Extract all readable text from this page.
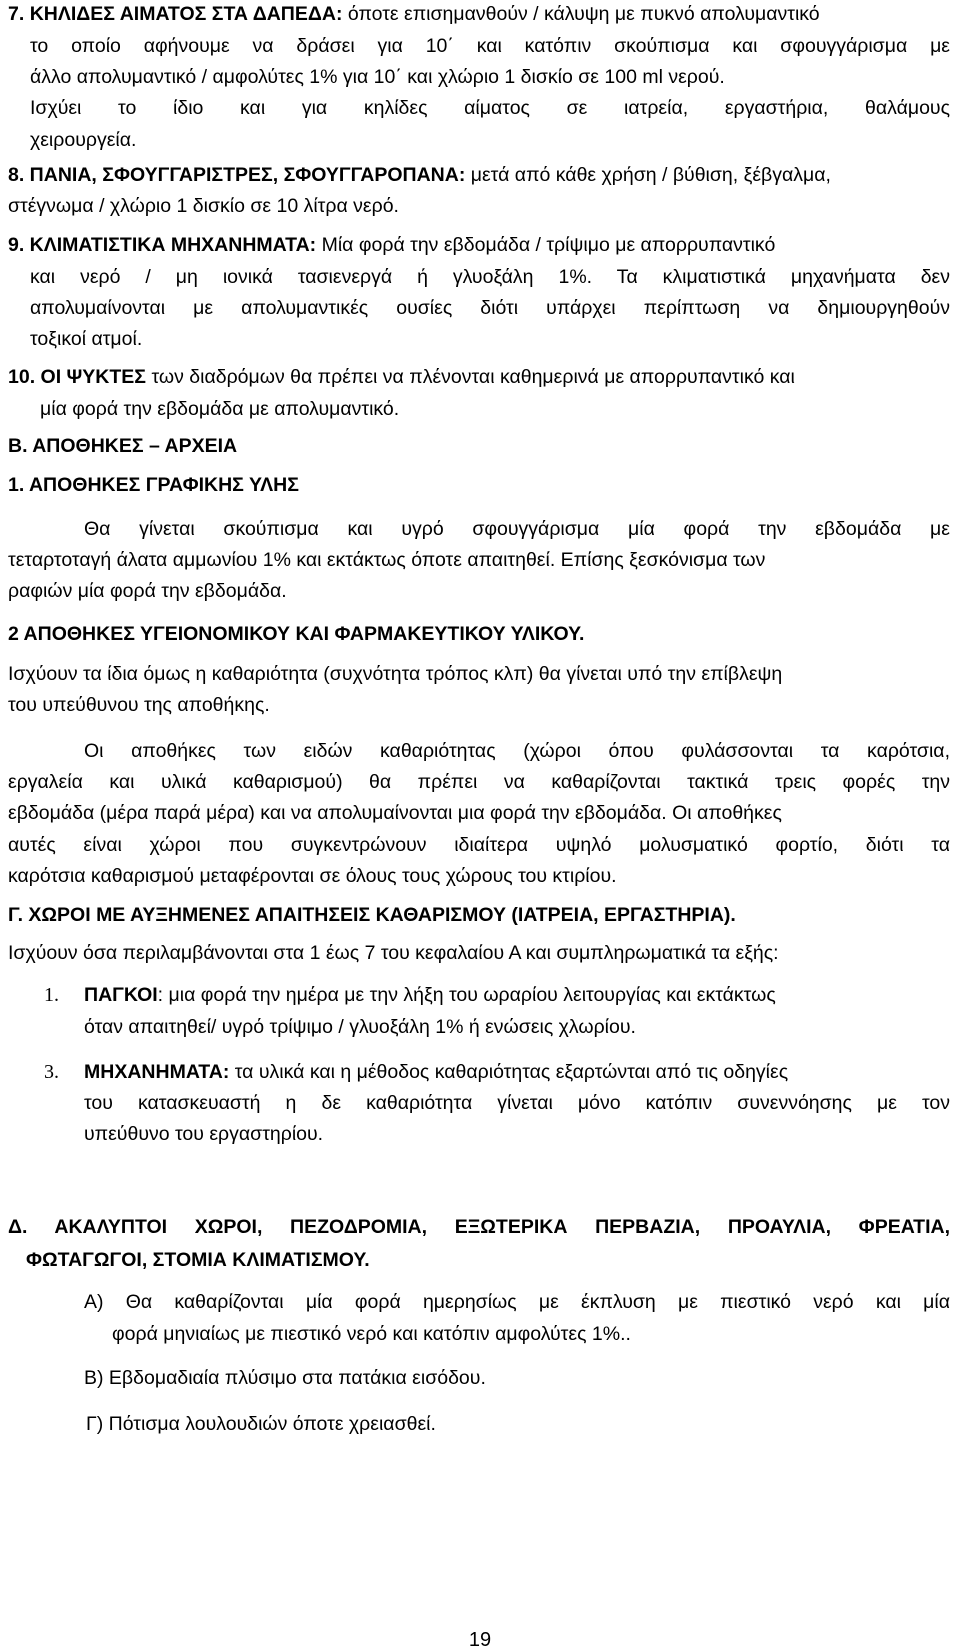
7. ΚΗΛΙΔΕΣ ΑΙΜΑΤΟΣ ΣΤΑ ΔΑΠΕΔΑ: όποτε επισημανθούν / κάλυψη με πυκνό απολυμαντικό
το οποίο αφήνουμε να δράσει για 10΄ και κατόπιν σκούπισμα και σφουγγάρισμα με
άλλο απολυμαντικό / αμφολύτες 1% για 10΄ και χλώριο 1 δισκίο σε 100 ml νερού.
Ισχύει το ίδιο και για κηλίδες αίματος σε ιατρεία, εργαστήρια, θαλάμους
χειρουργεία.
8. ΠΑΝΙΑ, ΣΦΟΥΓΓΑΡΙΣΤΡΕΣ, ΣΦΟΥΓΓΑΡΟΠΑΝΑ: μετά από κάθε χρήση / βύθιση, ξέβγαλμα,
στέγνωμα / χλώριο 1 δισκίο σε 10 λίτρα νερό.
9. ΚΛΙΜΑΤΙΣΤΙΚΑ ΜΗΧΑΝΗΜΑΤΑ: Μία φορά την εβδομάδα / τρίψιμο με απορρυπαντικό
και νερό / μη ιονικά τασιενεργά ή γλυοξάλη 1%. Τα κλιματιστικά μηχανήματα δεν
απολυμαίνονται με απολυμαντικές ουσίες διότι υπάρχει περίπτωση να δημιουργηθούν
τοξικοί ατμοί.
10. ΟΙ ΨΥΚΤΕΣ των διαδρόμων θα πρέπει να πλένονται καθημερινά με απορρυπαντικό και
μία φορά την εβδομάδα με απολυμαντικό.
Β. ΑΠΟΘΗΚΕΣ – ΑΡΧΕΙΑ
1. ΑΠΟΘΗΚΕΣ ΓΡΑΦΙΚΗΣ ΥΛΗΣ
Θα γίνεται σκούπισμα και υγρό σφουγγάρισμα μία φορά την εβδομάδα με
τεταρτοταγή άλατα αμμωνίου 1% και εκτάκτως όποτε απαιτηθεί. Επίσης ξεσκόνισμα των
ραφιών μία φορά την εβδομάδα.
2 ΑΠΟΘΗΚΕΣ ΥΓΕΙΟΝΟΜΙΚΟΥ ΚΑΙ ΦΑΡΜΑΚΕΥΤΙΚΟΥ ΥΛΙΚΟΥ.
Ισχύουν τα ίδια όμως η καθαριότητα (συχνότητα τρόπος κλπ) θα γίνεται υπό την επίβλεψη
του υπεύθυνου της αποθήκης.
Οι αποθήκες των ειδών καθαριότητας (χώροι όπου φυλάσσονται τα καρότσια,
εργαλεία και υλικά καθαρισμού) θα πρέπει να καθαρίζονται τακτικά τρεις φορές την
εβδομάδα (μέρα παρά μέρα) και να απολυμαίνονται μια φορά την εβδομάδα. Οι αποθήκες
αυτές είναι χώροι που συγκεντρώνουν ιδιαίτερα υψηλό μολυσματικό φορτίο, διότι τα
καρότσια καθαρισμού μεταφέρονται σε όλους τους χώρους του κτιρίου.
Γ. ΧΩΡΟΙ ΜΕ ΑΥΞΗΜΕΝΕΣ ΑΠΑΙΤΗΣΕΙΣ ΚΑΘΑΡΙΣΜΟΥ (ΙΑΤΡΕΙΑ, ΕΡΓΑΣΤΗΡΙΑ).
Ισχύουν όσα περιλαμβάνονται στα 1 έως 7 του κεφαλαίου Α και συμπληρωματικά τα εξής:
1. ΠΑΓΚΟΙ: μια φορά την ημέρα με την λήξη του ωραρίου λειτουργίας και εκτάκτως
όταν απαιτηθεί/ υγρό τρίψιμο / γλυοξάλη 1% ή ενώσεις χλωρίου.
3. ΜΗΧΑΝΗΜΑΤΑ: τα υλικά και η μέθοδος καθαριότητας εξαρτώνται από τις οδηγίες
του κατασκευαστή η δε καθαριότητα γίνεται μόνο κατόπιν συνεννόησης με τον
υπεύθυνο του εργαστηρίου.
Δ. ΑΚΑΛΥΠΤΟΙ ΧΩΡΟΙ, ΠΕΖΟΔΡΟΜΙΑ, ΕΞΩΤΕΡΙΚΑ ΠΕΡΒΑΖΙΑ, ΠΡΟΑΥΛΙΑ, ΦΡΕΑΤΙΑ,
ΦΩΤΑΓΩΓΟΙ, ΣΤΟΜΙΑ ΚΛΙΜΑΤΙΣΜΟΥ.
Α) Θα καθαρίζονται μία φορά ημερησίως με έκπλυση με πιεστικό νερό και μία
φορά μηνιαίως με πιεστικό νερό και κατόπιν αμφολύτες 1%..
Β) Εβδομαδιαία πλύσιμο στα πατάκια εισόδου.
Γ) Πότισμα λουλουδιών όποτε χρειασθεί.
19
